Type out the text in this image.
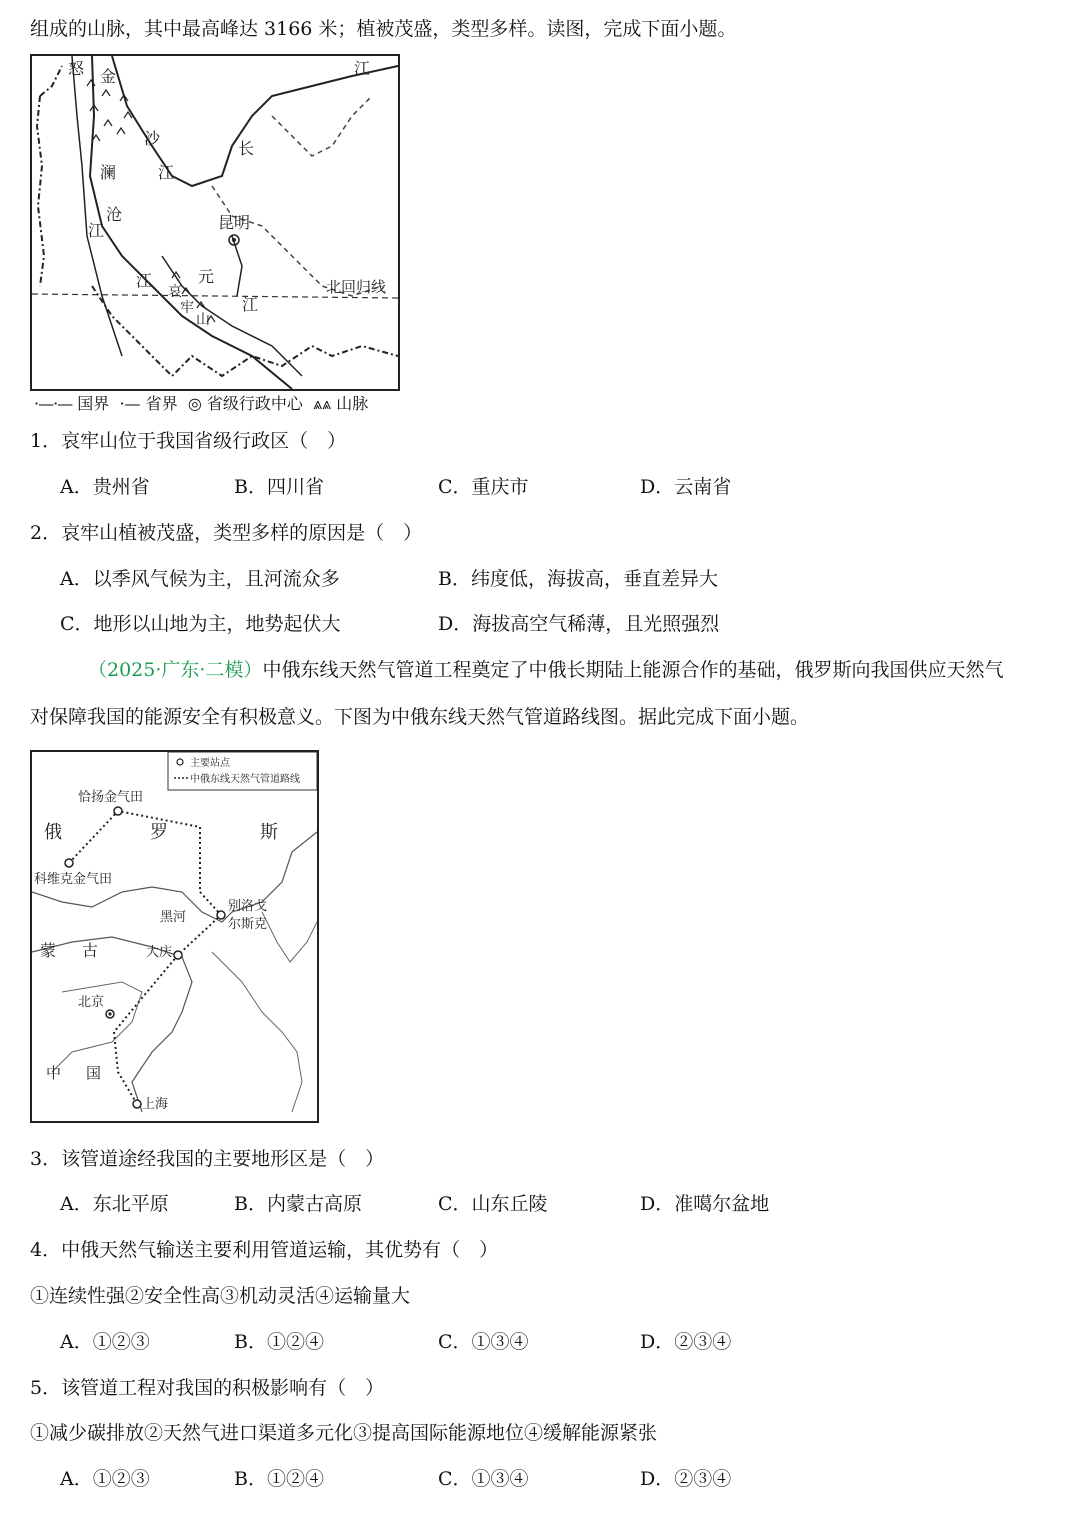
组成的山脉，其中最高峰达 3166 米；植被茂盛，类型多样。读图，完成下面小题。
怒 金
澜
沙
江
沧
江
江
江
长
昆明
元
哀
牢
山
江
北回归线
·—·— 国界 ·— 省界 ◎ 省级行政中心 ⩓⩓ 山脉
1．哀牢山位于我国省级行政区（　）
A．贵州省	B．四川省	C．重庆市	D．云南省
2．哀牢山植被茂盛，类型多样的原因是（　）
A．以季风气候为主，且河流众多	B．纬度低，海拔高，垂直差异大
C．地形以山地为主，地势起伏大	D．海拔高空气稀薄，且光照强烈
（2025·广东·二模）中俄东线天然气管道工程奠定了中俄长期陆上能源合作的基础，俄罗斯向我国供应天然气
对保障我国的能源安全有积极意义。下图为中俄东线天然气管道路线图。据此完成下面小题。
主要站点
中俄东线天然气管道路线
恰扬金气田
俄	罗	斯
科维克金气田
黑河
别洛戈
尔斯克
蒙 古	大庆
北京
中 国
上海
3．该管道途经我国的主要地形区是（　）
A．东北平原	B．内蒙古高原	C．山东丘陵	D．准噶尔盆地
4．中俄天然气输送主要利用管道运输，其优势有（　）
①连续性强②安全性高③机动灵活④运输量大
A．①②③	B．①②④	C．①③④	D．②③④
5．该管道工程对我国的积极影响有（　）
①减少碳排放②天然气进口渠道多元化③提高国际能源地位④缓解能源紧张
A．①②③	B．①②④	C．①③④	D．②③④
